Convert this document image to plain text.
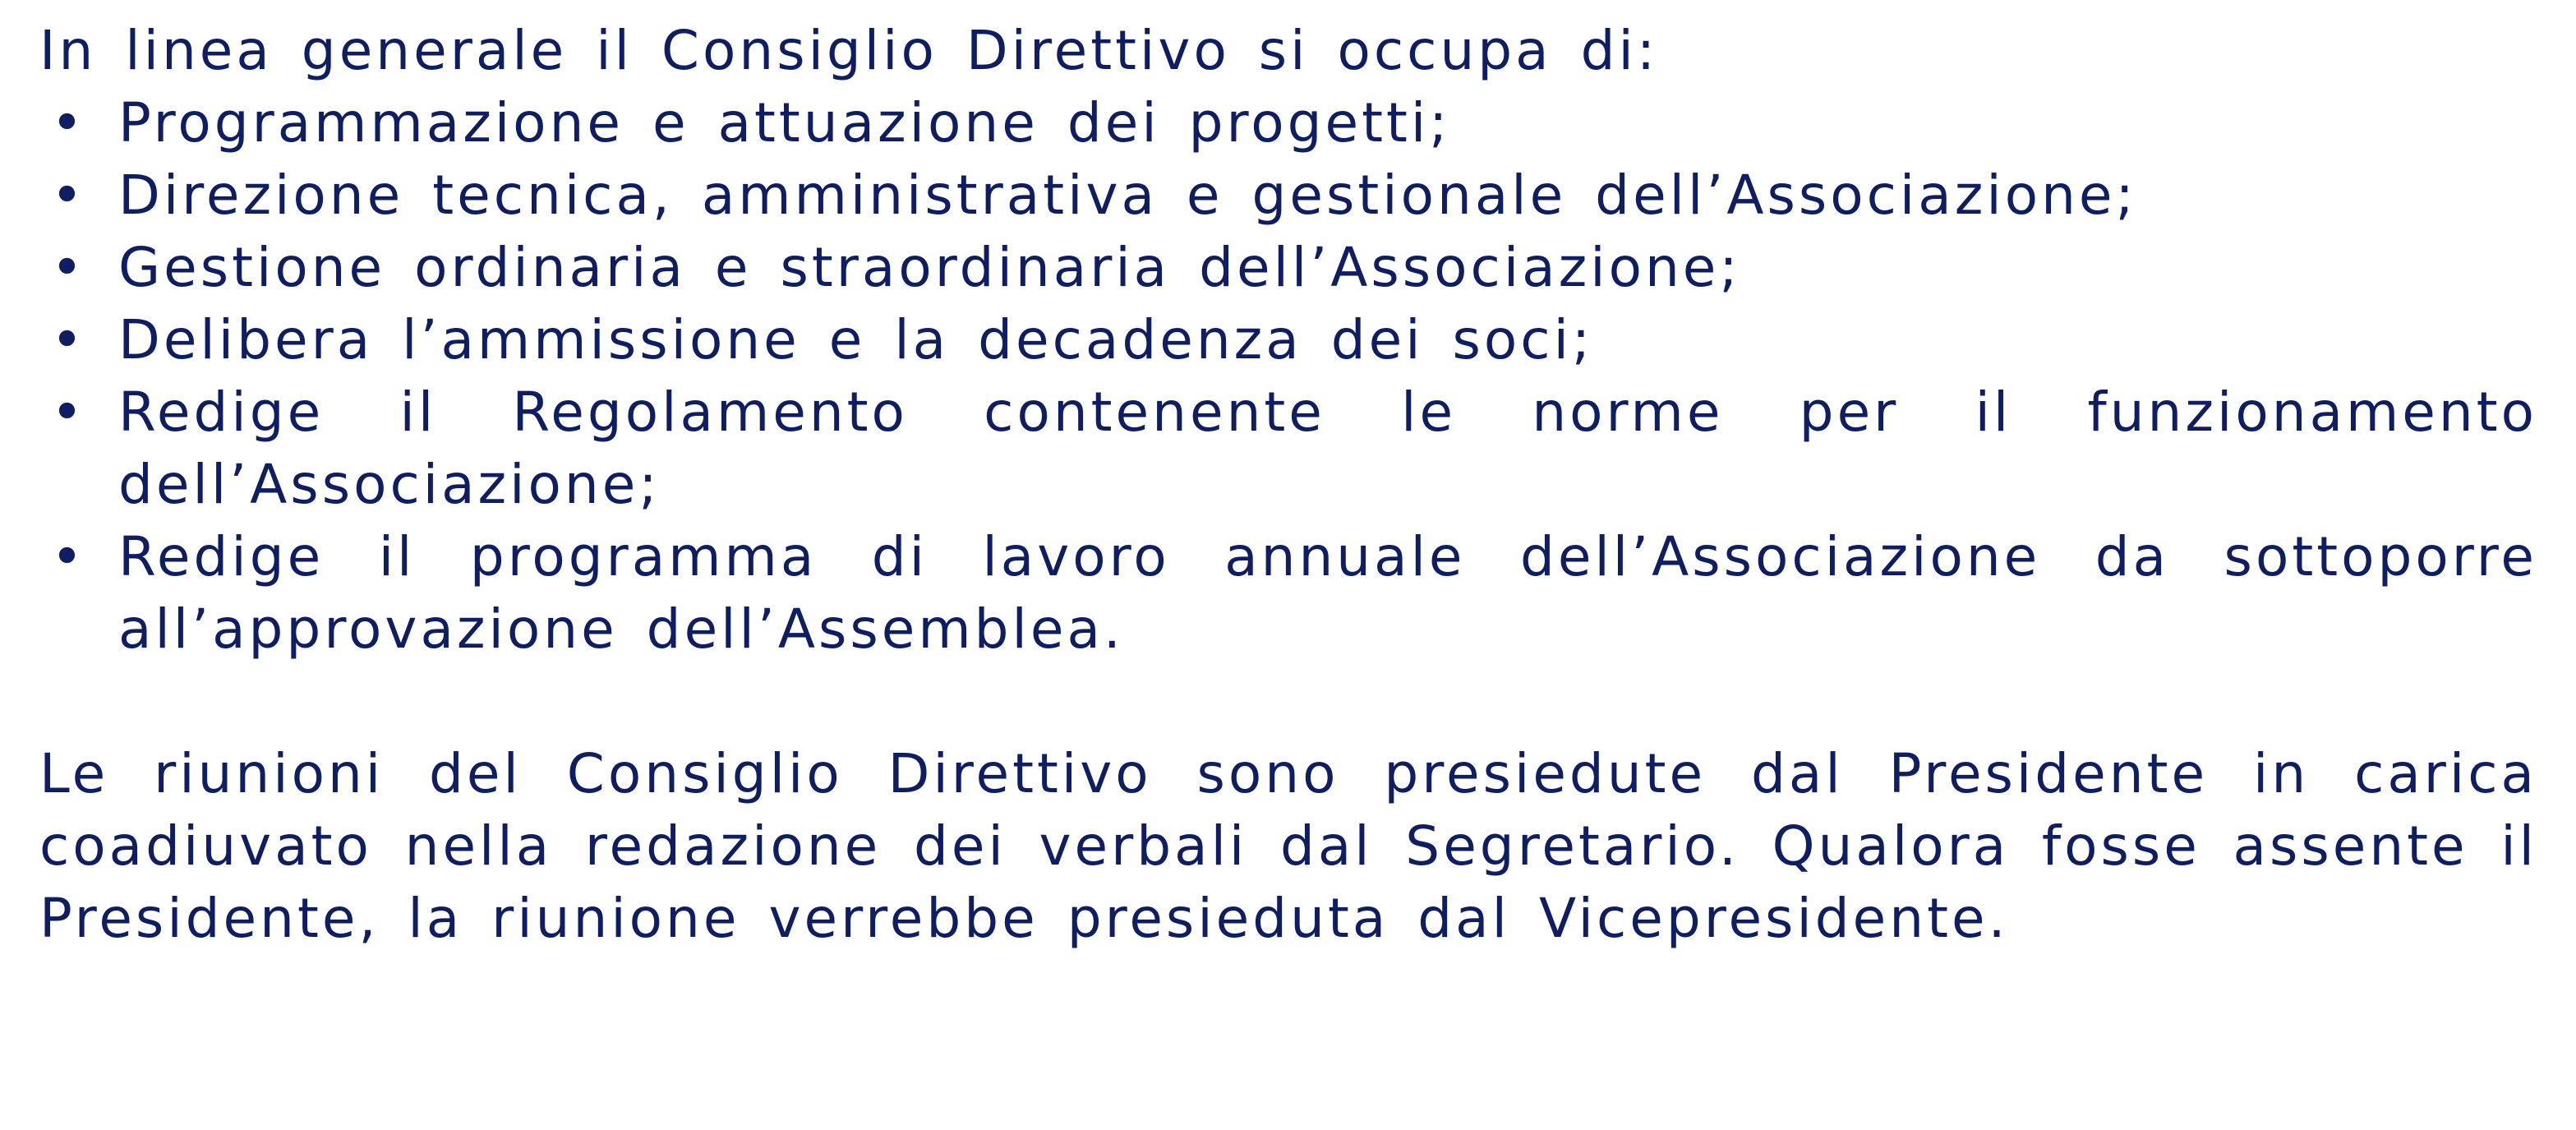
In linea generale il Consiglio Direttivo si occupa di:

• Programmazione e attuazione dei progetti;
• Direzione tecnica, amministrativa e gestionale dell’Associazione;
• Gestione ordinaria e straordinaria dell’Associazione;
• Delibera l’ammissione e la decadenza dei soci;
• Redige il Regolamento contenente le norme per il funzionamento dell’Associazione;
• Redige il programma di lavoro annuale dell’Associazione da sottoporre all’approvazione dell’Assemblea.

Le riunioni del Consiglio Direttivo sono presiedute dal Presidente in carica coadiuvato nella redazione dei verbali dal Segretario. Qualora fosse assente il Presidente, la riunione verrebbe presieduta dal Vicepresidente.
